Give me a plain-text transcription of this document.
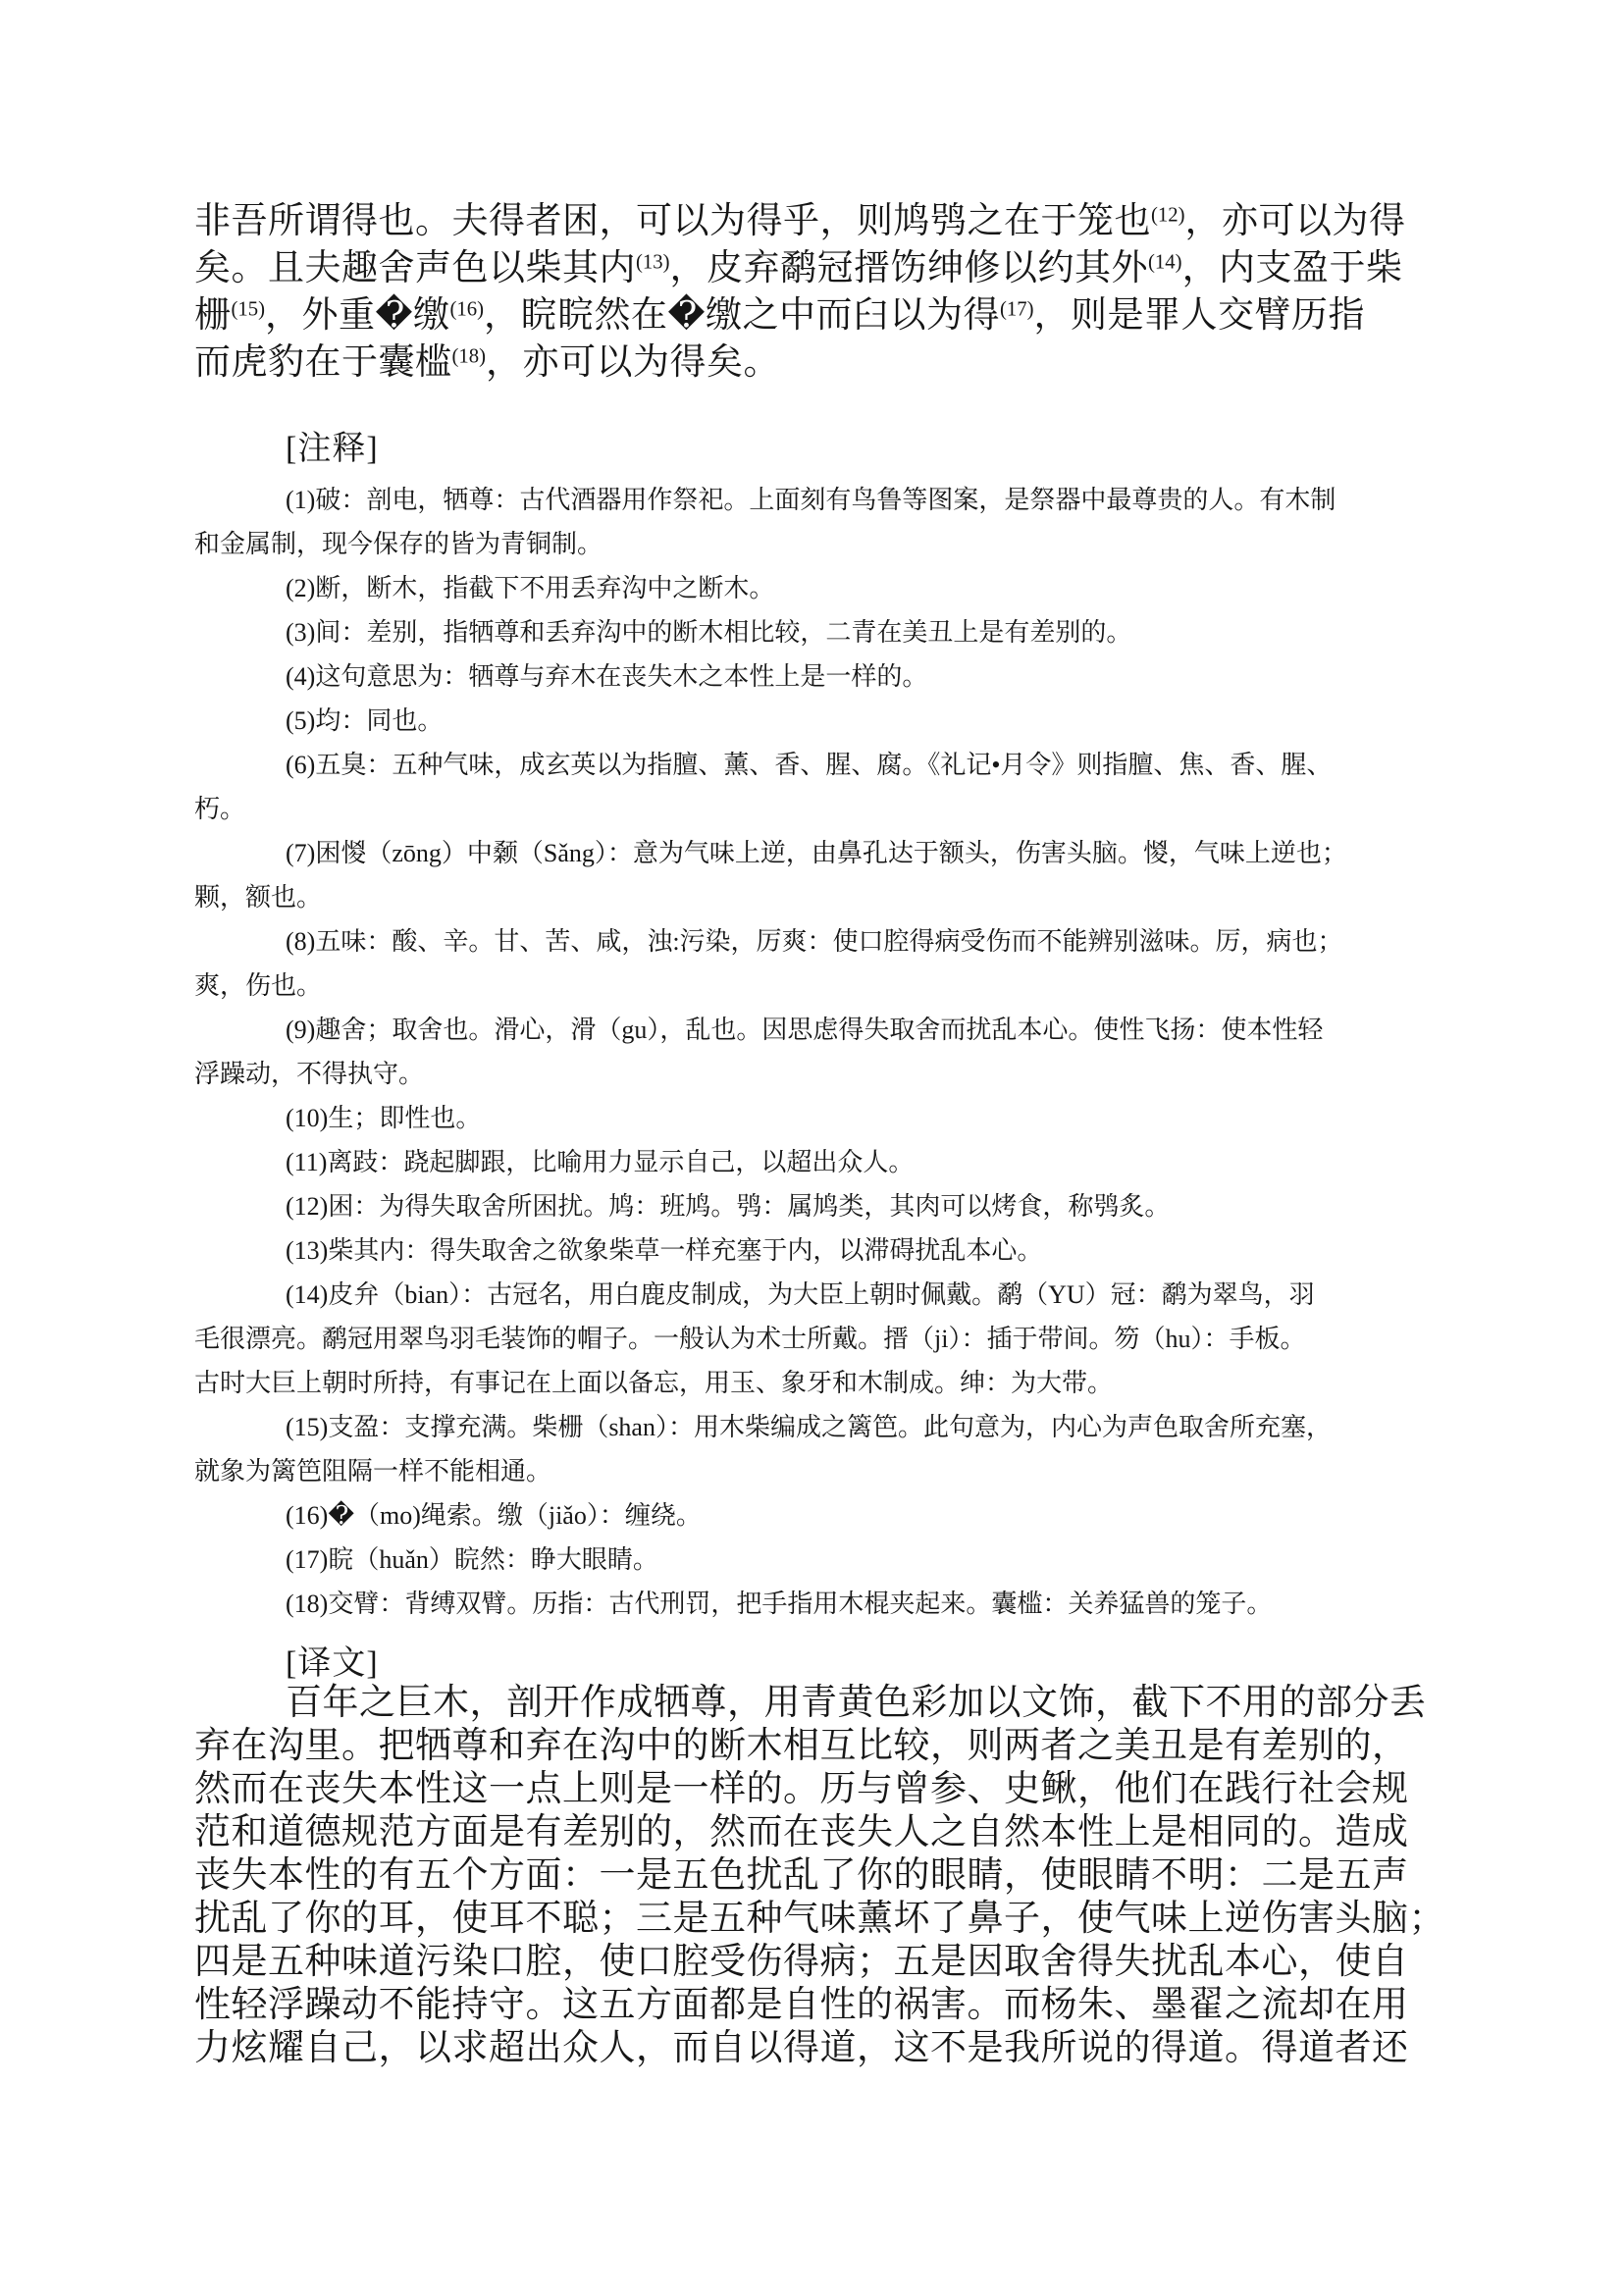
非吾所谓得也。夫得者困，可以为得乎，则鸠鸮之在于笼也$^{(12)}$，亦可以为得
矣。且夫趣舍声色以柴其内$^{(13)}$，皮弃鹬冠搢饬绅修以约其外$^{(14)}$，内支盈于柴
栅$^{(15)}$，外重�缴$^{(16)}$，睆睆然在�缴之中而臼以为得$^{(17)}$，则是罪人交臂历指
而虎豹在于囊槛$^{(18)}$，亦可以为得矣。
[注释]
(1)破：剖电，牺尊：古代酒器用作祭祀。上面刻有鸟鲁等图案，是祭器中最尊贵的人。有木制
和金属制，现今保存的皆为青铜制。
(2)断，断木，指截下不用丢弃沟中之断木。
(3)间：差别，指牺尊和丢弃沟中的断木相比较，二青在美丑上是有差别的。
(4)这句意思为：牺尊与弃木在丧失木之本性上是一样的。
(5)均：同也。
(6)五臭：五种气味，成玄英以为指膻、薰、香、腥、腐。《礼记•月令》则指膻、焦、香、腥、
朽。
(7)困惾（zōng）中颡（Sǎng）：意为气味上逆，由鼻孔达于额头，伤害头脑。惾，气味上逆也；
颗，额也。
(8)五味：酸、辛。甘、苦、咸，浊:污染，厉爽：使口腔得病受伤而不能辨别滋味。厉，病也；
爽，伤也。
(9)趣舍；取舍也。滑心，滑（gu），乱也。因思虑得失取舍而扰乱本心。使性飞扬：使本性轻
浮躁动，不得执守。
(10)生；即性也。
(11)离跂：跷起脚跟，比喻用力显示自己，以超出众人。
(12)困：为得失取舍所困扰。鸠：班鸠。鸮：属鸠类，其肉可以烤食，称鸮炙。
(13)柴其内：得失取舍之欲象柴草一样充塞于内，以滞碍扰乱本心。
(14)皮弁（bian）：古冠名，用白鹿皮制成，为大臣上朝时佩戴。鹬（YU）冠：鹬为翠鸟，羽
毛很漂亮。鹬冠用翠鸟羽毛装饰的帽子。一般认为术士所戴。搢（ji）：插于带间。笏（hu）：手板。
古时大巨上朝时所持，有事记在上面以备忘，用玉、象牙和木制成。绅：为大带。
(15)支盈：支撑充满。柴栅（shan）：用木柴编成之篱笆。此句意为，内心为声色取舍所充塞，
就象为篱笆阻隔一样不能相通。
(16)�（mo)绳索。缴（jiǎo）：缠绕。
(17)睆（huǎn）睆然：睁大眼睛。
(18)交臂：背缚双臂。历指：古代刑罚，把手指用木棍夹起来。囊槛：关养猛兽的笼子。
[译文]
百年之巨木，剖开作成牺尊，用青黄色彩加以文饰，截下不用的部分丢
弃在沟里。把牺尊和弃在沟中的断木相互比较，则两者之美丑是有差别的，
然而在丧失本性这一点上则是一样的。历与曾参、史鳅，他们在践行社会规
范和道德规范方面是有差别的，然而在丧失人之自然本性上是相同的。造成
丧失本性的有五个方面：一是五色扰乱了你的眼睛，使眼睛不明：二是五声
扰乱了你的耳，使耳不聪；三是五种气味薰坏了鼻子，使气味上逆伤害头脑；
四是五种味道污染口腔，使口腔受伤得病；五是因取舍得失扰乱本心，使自
性轻浮躁动不能持守。这五方面都是自性的祸害。而杨朱、墨翟之流却在用
力炫耀自己，以求超出众人，而自以得道，这不是我所说的得道。得道者还
